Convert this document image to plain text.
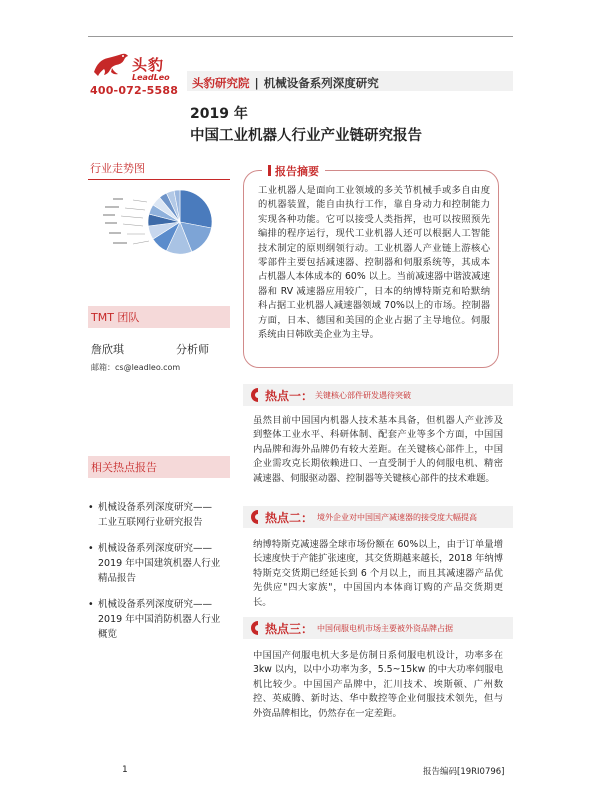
头豹
LeadLeo
400-072-5588
头豹研究院 | 机械设备系列深度研究
2019 年
中国工业机器人行业产业链研究报告
行业走势图
TMT 团队
詹欣琪	分析师
邮箱：cs@leadleo.com
相关热点报告
• 机械设备系列深度研究——
工业互联网行业研究报告
• 机械设备系列深度研究——
2019 年中国建筑机器人行业
精品报告
• 机械设备系列深度研究——
2019 年中国消防机器人行业
概览
报告摘要
工业机器人是面向工业领域的多关节机械手或多自由度的机器装置，能自由执行工作，靠自身动力和控制能力实现各种功能。它可以接受人类指挥，也可以按照预先编排的程序运行，现代工业机器人还可以根据人工智能技术制定的原则纲领行动。工业机器人产业链上游核心零部件主要包括减速器、控制器和伺服系统等，其成本占机器人本体成本的 60% 以上。当前减速器中谐波减速器和 RV 减速器应用较广，日本的纳博特斯克和哈默纳科占据工业机器人减速器领域 70%以上的市场。控制器方面，日本、德国和美国的企业占据了主导地位。伺服系统由日韩欧美企业为主导。
热点一： 关键核心部件研发遇待突破
虽然目前中国国内机器人技术基本具备，但机器人产业涉及到整体工业水平、科研体制、配套产业等多个方面，中国国内品牌和海外品牌仍有较大差距。在关键核心部件上，中国企业需攻克长期依赖进口、一直受制于人的伺服电机、精密减速器、伺服驱动器、控制器等关键核心部件的技术难题。
热点二： 境外企业对中国国产减速器的接受度大幅提高
纳博特斯克减速器全球市场份额在 60%以上，由于订单量增长速度快于产能扩张速度，其交货期越来越长，2018 年纳博特斯克交货期已经延长到 6 个月以上，而且其减速器产品优先供应"四大家族"，中国国内本体商订购的产品交货期更长。
热点三： 中国伺服电机市场主要被外资品牌占据
中国国产伺服电机大多是仿制日系伺服电机设计，功率多在 3kw 以内，以中小功率为多，5.5~15kw 的中大功率伺服电机比较少。中国国产品牌中，汇川技术、埃斯顿、广州数控、英威腾、新时达、华中数控等企业伺服技术领先，但与外资品牌相比，仍然存在一定差距。
1	报告编码[19RI0796]
